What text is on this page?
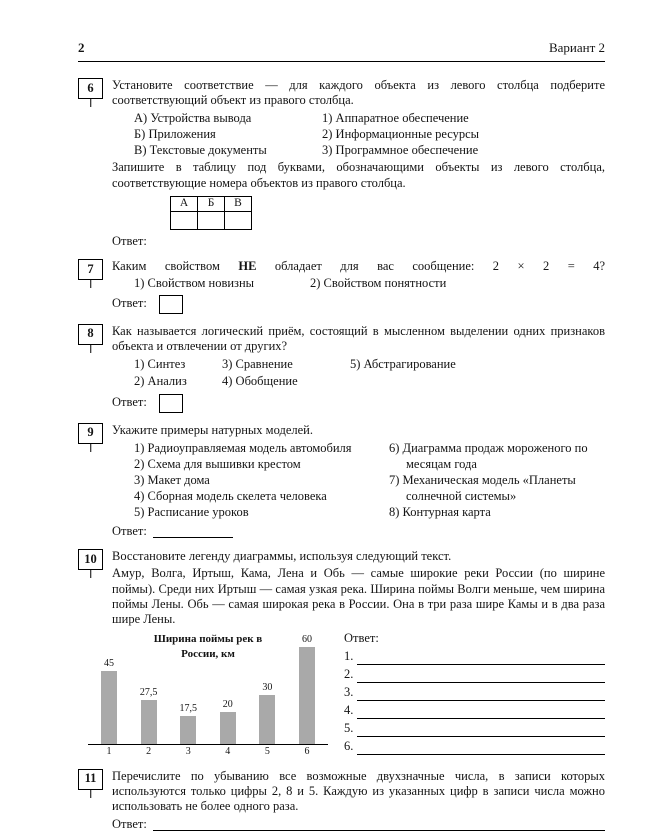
2	Вариант 2
6	Установите соответствие — для каждого объекта из левого столбца подберите соответствующий объект из правого столбца.

А) Устройства вывода
Б) Приложения
В) Текстовые документы
1) Аппаратное обеспечение
2) Информационные ресурсы
3) Программное обеспечение

Запишите в таблицу под буквами, обозначающими объекты из левого столбца, соответствующие номера объектов из правого столбца.

А	Б	В

Ответ:
7	Каким свойством НЕ обладает для вас сообщение: 2 × 2 = 4?

1) Свойством новизны	2) Свойством понятности
Ответ:
8	Как называется логический приём, состоящий в мысленном выделении одних признаков объекта и отвлечении от других?

1) Синтез	3) Сравнение	5) Абстрагирование
2) Анализ	4) Обобщение
Ответ:
9	Укажите примеры натурных моделей.

1) Радиоуправляемая модель автомобиля
2) Схема для вышивки крестом
3) Макет дома
4) Сборная модель скелета человека
5) Расписание уроков
6) Диаграмма продаж мороженого по месяцам года
7) Механическая модель «Планеты солнечной системы»
8) Контурная карта
Ответ:
10	Восстановите легенду диаграммы, используя следующий текст.

Амур, Волга, Иртыш, Кама, Лена и Обь — самые широкие реки России (по ширине поймы). Среди них Иртыш — самая узкая река. Ширина поймы Волги меньше, чем ширина поймы Лены. Обь — самая широкая река в России. Она в три раза шире Камы и в два раза шире Лены.

Ширина поймы рек в
России, км
45
27,5
17,5	20
30
60
1	2	3	4	5	6
Ответ:
1.
2.
3.
4.
5.
6.
11	Перечислите по убыванию все возможные двухзначные числа, в записи которых используются только цифры 2, 8 и 5. Каждую из указанных цифр в записи числа можно использовать не более одного раза.

Ответ:
